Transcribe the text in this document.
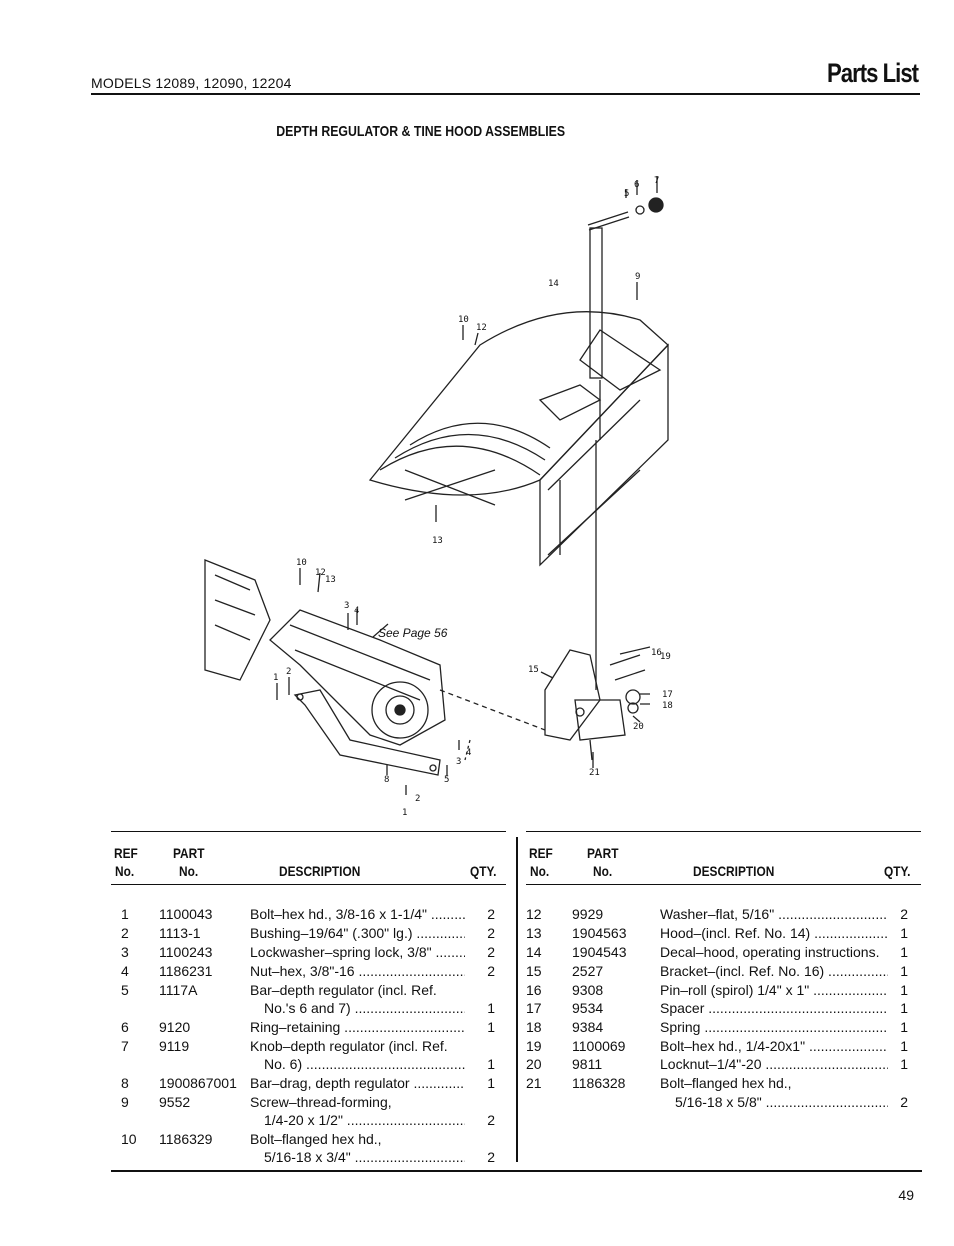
MODELS 12089, 12090, 12204	Parts List
DEPTH REGULATOR & TINE HOOD ASSEMBLIES
5
6 7
14
9
10
12
13
10
12
13
3 4
See Page 56
1
2	15
16
19
17
18
20
21
4
3
8	5
2
1
REF
No.
PART
No.	DESCRIPTION	QTY.
REF
No.
PART
No.	DESCRIPTION	QTY.
1 1100043	Bolt–hex hd., 3/8-16 x 1-1/4" .....	2
2 1113-1	Bushing–19/64" (.300" lg.) .....	2
3 1100243	Lockwasher–spring lock, 3/8" .....	2
4 1186231	Nut–hex, 3/8"-16 .....	2
5 1117A	Bar–depth regulator (incl. Ref.
No.'s 6 and 7) .....	1
6 9120	Ring–retaining .....	1
7 9119	Knob–depth regulator (incl. Ref.
No. 6) .....	1
8 1900867001 Bar–drag, depth regulator .....	1
9 9552	Screw–thread-forming,
1/4-20 x 1/2" .....	2
10 1186329	Bolt–flanged hex hd.,
5/16-18 x 3/4" .....	2
12 9929	Washer–flat, 5/16" .....	2
13 1904563 Hood–(incl. Ref. No. 14) .....	1
14 1904543 Decal–hood, operating instructions.	1
15 2527	Bracket–(incl. Ref. No. 16) .....	1
16 9308	Pin–roll (spirol) 1/4" x 1" .....	1
17 9534	Spacer .....	1
18 9384	Spring .....	1
19 1100069 Bolt–hex hd., 1/4-20x1" .....	1
20 9811	Locknut–1/4"-20 .....	1
21 1186328 Bolt–flanged hex hd.,
5/16-18 x 5/8" .....	2
49
